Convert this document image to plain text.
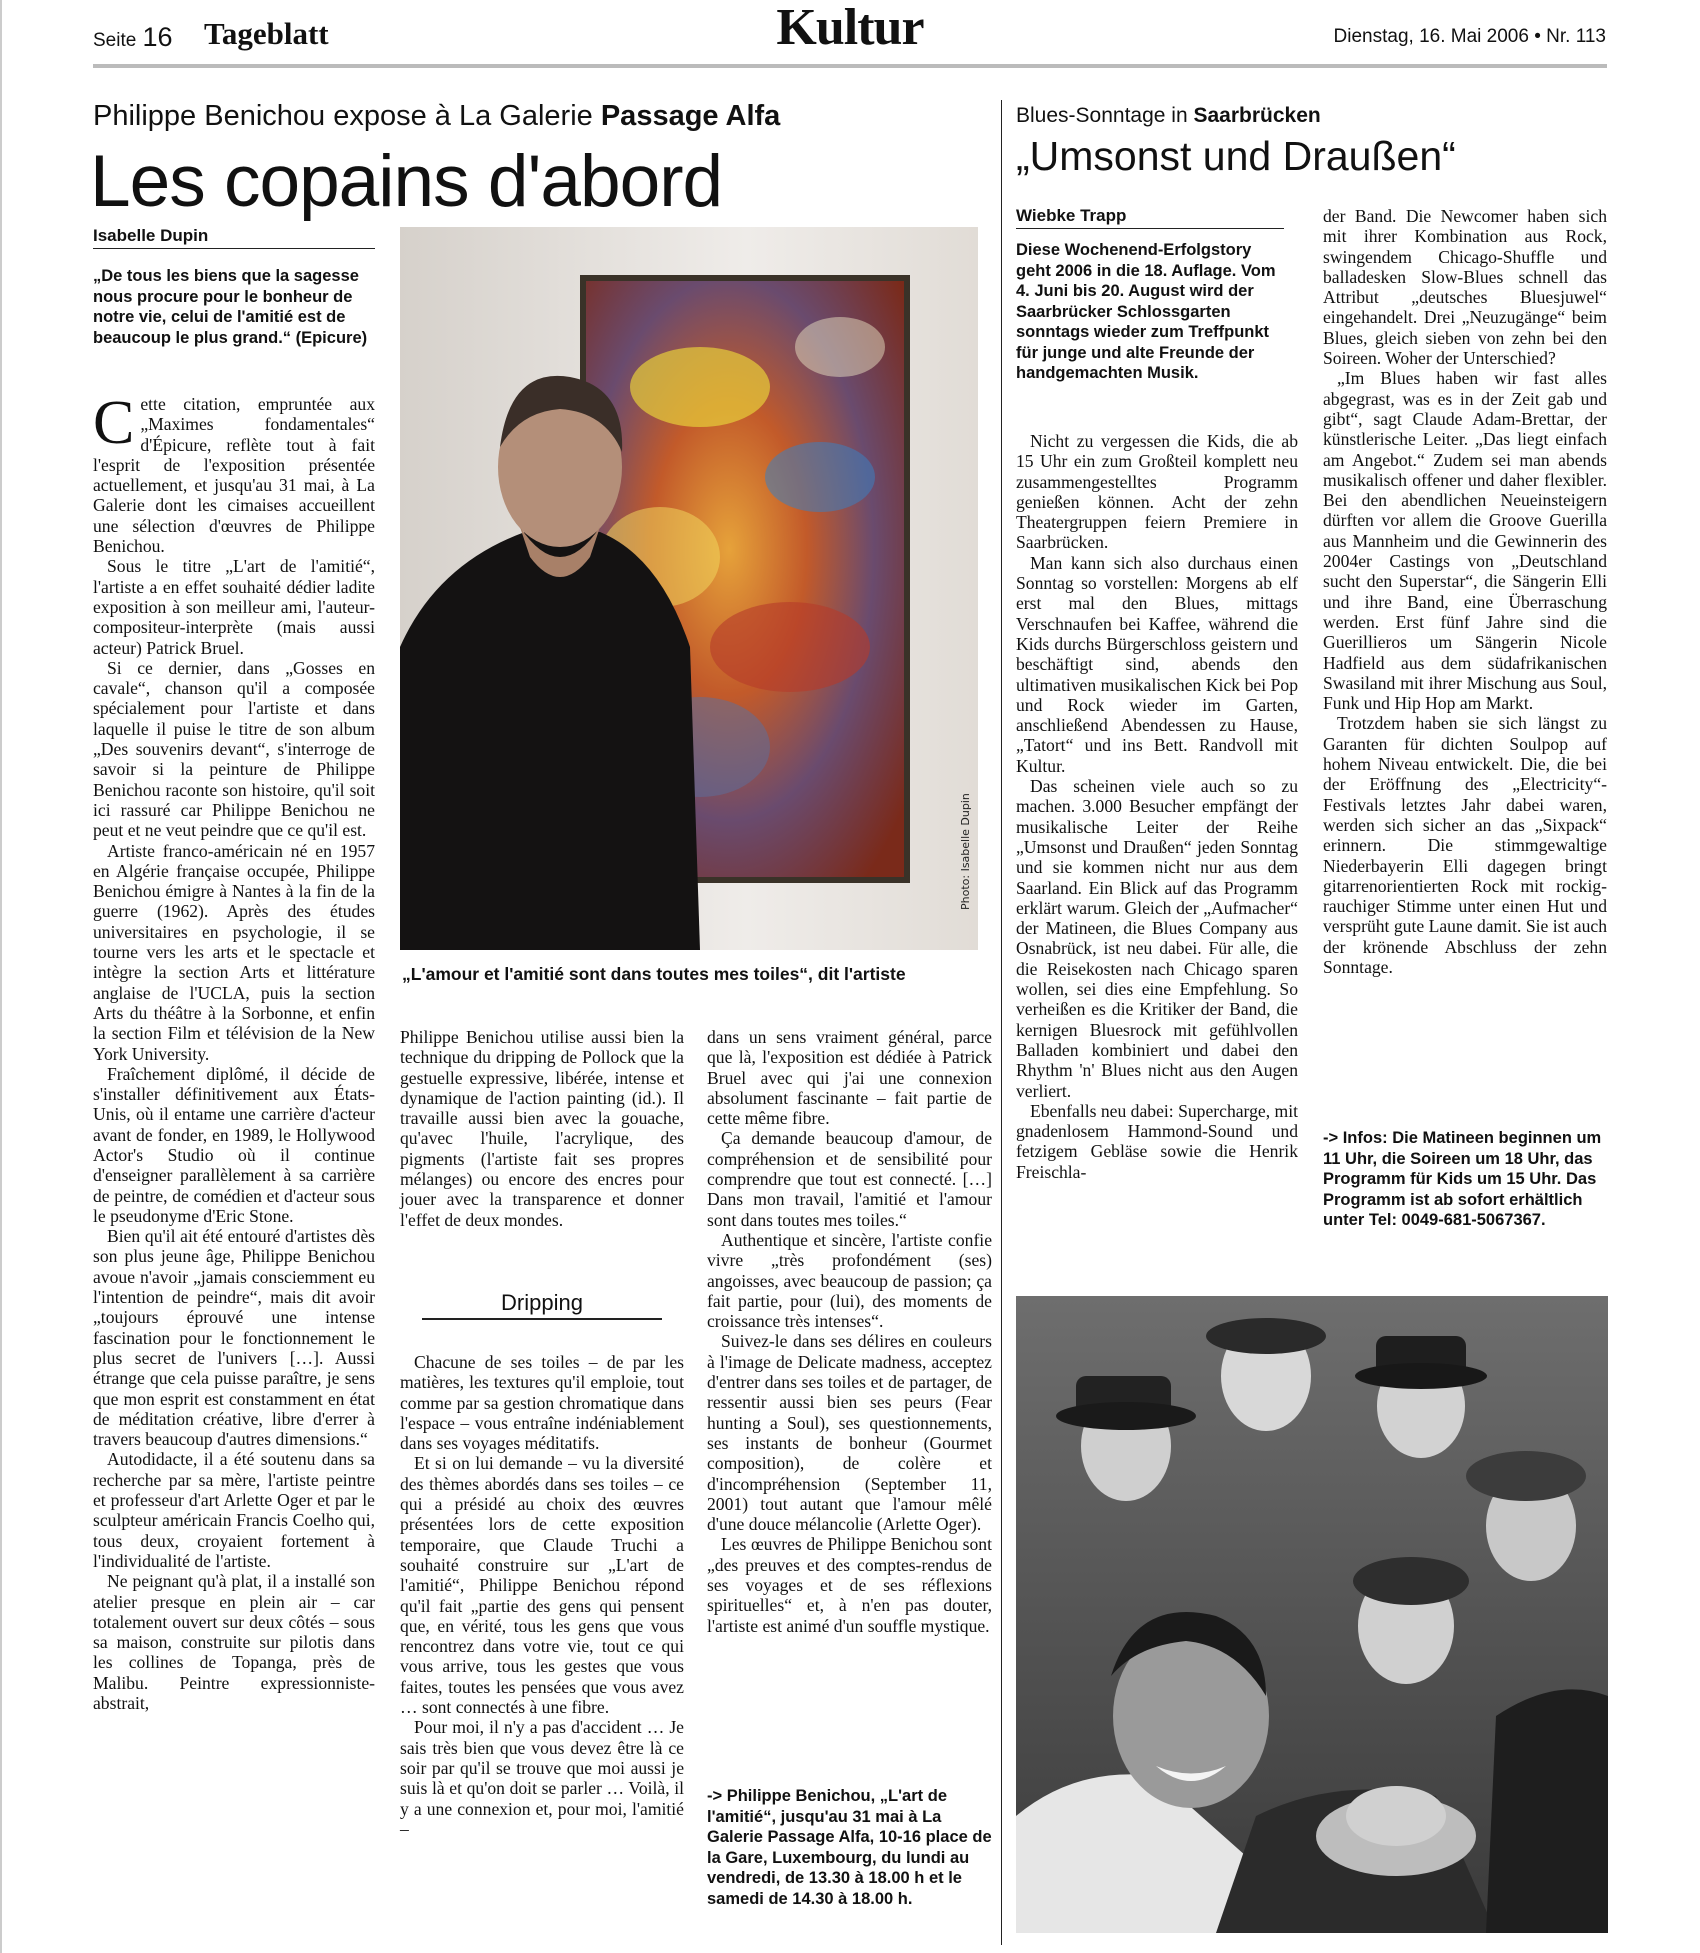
Seite 16 Tageblatt	Kultur	Dienstag, 16. Mai 2006 • Nr. 113
Philippe Benichou expose à La Galerie Passage Alfa
Les copains d'abord
Isabelle Dupin
„De tous les biens que la sagesse nous procure pour le bonheur de notre vie, celui de l'amitié est de beaucoup le plus grand.“ (Epicure)

Cette citation, empruntée aux „Maximes fondamentales“ d'Épicure, reflète tout à fait l'esprit de l'exposition présentée actuellement, et jusqu'au 31 mai, à La Galerie dont les cimaises accueillent une sélection d'œuvres de Philippe Benichou.

Sous le titre „L'art de l'amitié“, l'artiste a en effet souhaité dédier ladite exposition à son meilleur ami, l'auteur-compositeur-interprète (mais aussi acteur) Patrick Bruel.

Si ce dernier, dans „Gosses en cavale“, chanson qu'il a composée spécialement pour l'artiste et dans laquelle il puise le titre de son album „Des souvenirs devant“, s'interroge de savoir si la peinture de Philippe Benichou raconte son histoire, qu'il soit ici rassuré car Philippe Benichou ne peut et ne veut peindre que ce qu'il est.

Artiste franco-américain né en 1957 en Algérie française occupée, Philippe Benichou émigre à Nantes à la fin de la guerre (1962). Après des études universitaires en psychologie, il se tourne vers les arts et le spectacle et intègre la section Arts et littérature anglaise de l'UCLA, puis la section Arts du théâtre à la Sorbonne, et enfin la section Film et télévision de la New York University.

Fraîchement diplômé, il décide de s'installer définitivement aux États-Unis, où il entame une carrière d'acteur avant de fonder, en 1989, le Hollywood Actor's Studio où il continue d'enseigner parallèlement à sa carrière de peintre, de comédien et d'acteur sous le pseudonyme d'Eric Stone.

Bien qu'il ait été entouré d'artistes dès son plus jeune âge, Philippe Benichou avoue n'avoir „jamais consciemment eu l'intention de peindre“, mais dit avoir „toujours éprouvé une intense fascination pour le fonctionnement le plus secret de l'univers […]. Aussi étrange que cela puisse paraître, je sens que mon esprit est constamment en état de méditation créative, libre d'errer à travers beaucoup d'autres dimensions.“

Autodidacte, il a été soutenu dans sa recherche par sa mère, l'artiste peintre et professeur d'art Arlette Oger et par le sculpteur américain Francis Coelho qui, tous deux, croyaient fortement à l'individualité de l'artiste.

Ne peignant qu'à plat, il a installé son atelier presque en plein air – car totalement ouvert sur deux côtés – sous sa maison, construite sur pilotis dans les collines de Topanga, près de Malibu. Peintre expressionniste-abstrait,

Photo: Isabelle Dupin
„L'amour et l'amitié sont dans toutes mes toiles“, dit l'artiste

Philippe Benichou utilise aussi bien la technique du dripping de Pollock que la gestuelle expressive, libérée, intense et dynamique de l'action painting (id.). Il travaille aussi bien avec la gouache, qu'avec l'huile, l'acrylique, des pigments (l'artiste fait ses propres mélanges) ou encore des encres pour jouer avec la transparence et donner l'effet de deux mondes.

Dripping

Chacune de ses toiles – de par les matières, les textures qu'il emploie, tout comme par sa gestion chromatique dans l'espace – vous entraîne indéniablement dans ses voyages méditatifs.

Et si on lui demande – vu la diversité des thèmes abordés dans ses toiles – ce qui a présidé au choix des œuvres présentées lors de cette exposition temporaire, que Claude Truchi a souhaité construire sur „L'art de l'amitié“, Philippe Benichou répond qu'il fait „partie des gens qui pensent que, en vérité, tous les gens que vous rencontrez dans votre vie, tout ce qui vous arrive, tous les gestes que vous faites, toutes les pensées que vous avez … sont connectés à une fibre.

Pour moi, il n'y a pas d'accident … Je sais très bien que vous devez être là ce soir par qu'il se trouve que moi aussi je suis là et qu'on doit se parler … Voilà, il y a une connexion et, pour moi, l'amitié –

dans un sens vraiment général, parce que là, l'exposition est dédiée à Patrick Bruel avec qui j'ai une connexion absolument fascinante – fait partie de cette même fibre.

Ça demande beaucoup d'amour, de compréhension et de sensibilité pour comprendre que tout est connecté. […] Dans mon travail, l'amitié et l'amour sont dans toutes mes toiles.“

Authentique et sincère, l'artiste confie vivre „très profondément (ses) angoisses, avec beaucoup de passion; ça fait partie, pour (lui), des moments de croissance très intenses“.

Suivez-le dans ses délires en couleurs à l'image de Delicate madness, acceptez d'entrer dans ses toiles et de partager, de ressentir aussi bien ses peurs (Fear hunting a Soul), ses questionnements, ses instants de bonheur (Gourmet composition), de colère et d'incompréhension (September 11, 2001) tout autant que l'amour mêlé d'une douce mélancolie (Arlette Oger).

Les œuvres de Philippe Benichou sont „des preuves et des comptes-rendus de ses voyages et de ses réflexions spirituelles“ et, à n'en pas douter, l'artiste est animé d'un souffle mystique.

-> Philippe Benichou, „L'art de l'amitié“, jusqu'au 31 mai à La Galerie Passage Alfa, 10-16 place de la Gare, Luxembourg, du lundi au vendredi, de 13.30 à 18.00 h et le samedi de 14.30 à 18.00 h.
Blues-Sonntage in Saarbrücken
„Umsonst und Draußen“
Wiebke Trapp
Diese Wochenend-Erfolgstory geht 2006 in die 18. Auflage. Vom 4. Juni bis 20. August wird der Saarbrücker Schlossgarten sonntags wieder zum Treffpunkt für junge und alte Freunde der handgemachten Musik.

Nicht zu vergessen die Kids, die ab 15 Uhr ein zum Großteil komplett neu zusammengestelltes Programm genießen können. Acht der zehn Theatergruppen feiern Premiere in Saarbrücken.

Man kann sich also durchaus einen Sonntag so vorstellen: Morgens ab elf erst mal den Blues, mittags Verschnaufen bei Kaffee, während die Kids durchs Bürgerschloss geistern und beschäftigt sind, abends den ultimativen musikalischen Kick bei Pop und Rock wieder im Garten, anschließend Abendessen zu Hause, „Tatort“ und ins Bett. Randvoll mit Kultur.

Das scheinen viele auch so zu machen. 3.000 Besucher empfängt der musikalische Leiter der Reihe „Umsonst und Draußen“ jeden Sonntag und sie kommen nicht nur aus dem Saarland. Ein Blick auf das Programm erklärt warum. Gleich der „Aufmacher“ der Matineen, die Blues Company aus Osnabrück, ist neu dabei. Für alle, die die Reisekosten nach Chicago sparen wollen, sei dies eine Empfehlung. So verheißen es die Kritiker der Band, die kernigen Bluesrock mit gefühlvollen Balladen kombiniert und dabei den Rhythm 'n' Blues nicht aus den Augen verliert.

Ebenfalls neu dabei: Supercharge, mit gnadenlosem Hammond-Sound und fetzigem Gebläse sowie die Henrik Freischla-

der Band. Die Newcomer haben sich mit ihrer Kombination aus Rock, swingendem Chicago-Shuffle und balladesken Slow-Blues schnell das Attribut „deutsches Bluesjuwel“ eingehandelt. Drei „Neuzugänge“ beim Blues, gleich sieben von zehn bei den Soireen. Woher der Unterschied?

„Im Blues haben wir fast alles abgegrast, was es in der Zeit gab und gibt“, sagt Claude Adam-Brettar, der künstlerische Leiter. „Das liegt einfach am Angebot.“ Zudem sei man abends musikalisch offener und daher flexibler. Bei den abendlichen Neueinsteigern dürften vor allem die Groove Guerilla aus Mannheim und die Gewinnerin des 2004er Castings von „Deutschland sucht den Superstar“, die Sängerin Elli und ihre Band, eine Überraschung werden. Erst fünf Jahre sind die Guerillieros um Sängerin Nicole Hadfield aus dem südafrikanischen Swasiland mit ihrer Mischung aus Soul, Funk und Hip Hop am Markt.

Trotzdem haben sie sich längst zu Garanten für dichten Soulpop auf hohem Niveau entwickelt. Die, die bei der Eröffnung des „Electricity“-Festivals letztes Jahr dabei waren, werden sich sicher an das „Sixpack“ erinnern. Die stimmgewaltige Niederbayerin Elli dagegen bringt gitarrenorientierten Rock mit rockig-rauchiger Stimme unter einen Hut und versprüht gute Laune damit. Sie ist auch der krönende Abschluss der zehn Sonntage.

-> Infos: Die Matineen beginnen um 11 Uhr, die Soireen um 18 Uhr, das Programm für Kids um 15 Uhr. Das Programm ist ab sofort erhältlich unter Tel: 0049-681-5067367.
